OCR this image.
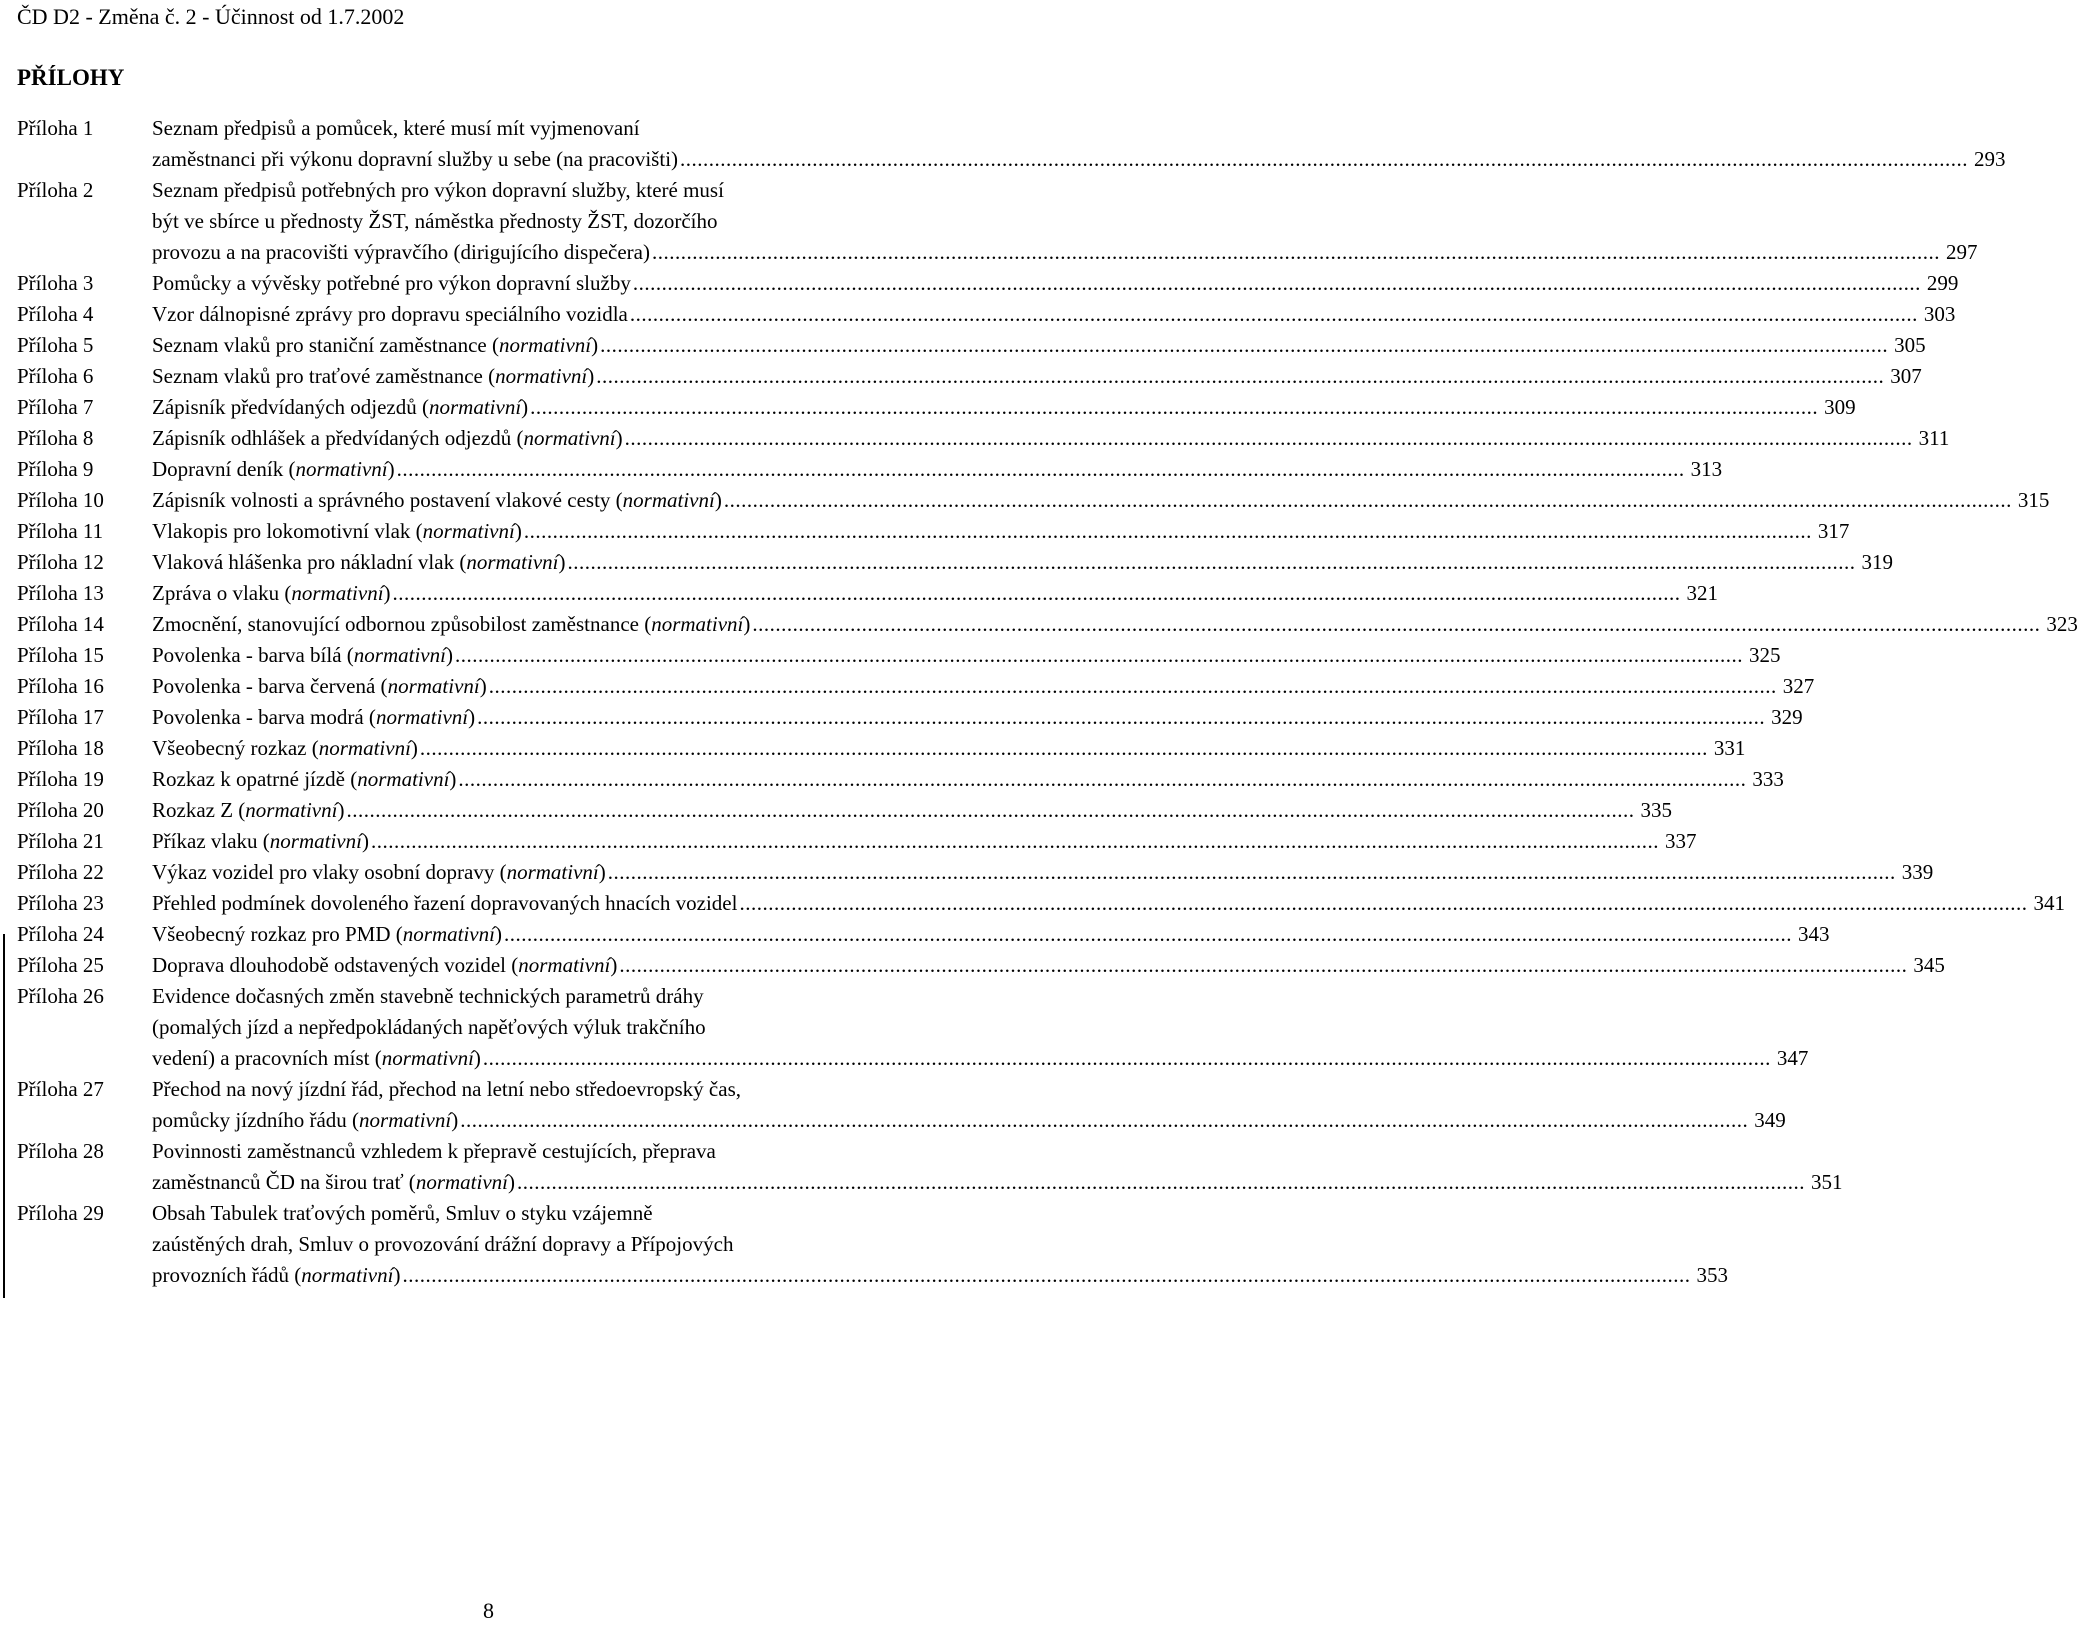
ČD D2 - Změna č. 2 - Účinnost od 1.7.2002
PŘÍLOHY
Příloha 1	Seznam předpisů a pomůcek, které musí mít vyjmenovaní
zaměstnanci při výkonu dopravní služby u sebe (na pracovišti) ................................................................................................................................................................................................................................ 293
Příloha 2	Seznam předpisů potřebných pro výkon dopravní služby, které musí
být ve sbírce u přednosty ŽST, náměstka přednosty ŽST, dozorčího
provozu a na pracovišti výpravčího (dirigujícího dispečera) ................................................................................................................................................................................................................................ 297
Příloha 3	Pomůcky a vývěsky potřebné pro výkon dopravní služby ................................................................................................................................................................................................................................ 299
Příloha 4	Vzor dálnopisné zprávy pro dopravu speciálního vozidla ................................................................................................................................................................................................................................ 303
Příloha 5	Seznam vlaků pro staniční zaměstnance (normativní) ................................................................................................................................................................................................................................ 305
Příloha 6	Seznam vlaků pro traťové zaměstnance (normativní) ................................................................................................................................................................................................................................ 307
Příloha 7	Zápisník předvídaných odjezdů (normativní) ................................................................................................................................................................................................................................ 309
Příloha 8	Zápisník odhlášek a předvídaných odjezdů (normativní) ................................................................................................................................................................................................................................ 311
Příloha 9	Dopravní deník (normativní) ................................................................................................................................................................................................................................ 313
Příloha 10 Zápisník volnosti a správného postavení vlakové cesty (normativní) ................................................................................................................................................................................................................................ 315
Příloha 11 Vlakopis pro lokomotivní vlak (normativní) ................................................................................................................................................................................................................................ 317
Příloha 12 Vlaková hlášenka pro nákladní vlak (normativní) ................................................................................................................................................................................................................................ 319
Příloha 13 Zpráva o vlaku (normativní) ................................................................................................................................................................................................................................ 321
Příloha 14 Zmocnění, stanovující odbornou způsobilost zaměstnance (normativní) ................................................................................................................................................................................................................................ 323
Příloha 15 Povolenka - barva bílá (normativní) ................................................................................................................................................................................................................................ 325
Příloha 16 Povolenka - barva červená (normativní) ................................................................................................................................................................................................................................ 327
Příloha 17 Povolenka - barva modrá (normativní) ................................................................................................................................................................................................................................ 329
Příloha 18 Všeobecný rozkaz (normativní) ................................................................................................................................................................................................................................ 331
Příloha 19 Rozkaz k opatrné jízdě (normativní) ................................................................................................................................................................................................................................ 333
Příloha 20 Rozkaz Z (normativní) ................................................................................................................................................................................................................................ 335
Příloha 21 Příkaz vlaku (normativní) ................................................................................................................................................................................................................................ 337
Příloha 22 Výkaz vozidel pro vlaky osobní dopravy (normativní) ................................................................................................................................................................................................................................ 339
Příloha 23 Přehled podmínek dovoleného řazení dopravovaných hnacích vozidel ................................................................................................................................................................................................................................ 341
Příloha 24 Všeobecný rozkaz pro PMD (normativní) ................................................................................................................................................................................................................................ 343
Příloha 25 Doprava dlouhodobě odstavených vozidel (normativní) ................................................................................................................................................................................................................................ 345
Příloha 26 Evidence dočasných změn stavebně technických parametrů dráhy
(pomalých jízd a nepředpokládaných napěťových výluk trakčního
vedení) a pracovních míst (normativní) ................................................................................................................................................................................................................................ 347
Příloha 27 Přechod na nový jízdní řád, přechod na letní nebo středoevropský čas,
pomůcky jízdního řádu (normativní) ................................................................................................................................................................................................................................ 349
Příloha 28 Povinnosti zaměstnanců vzhledem k přepravě cestujících, přeprava
zaměstnanců ČD na širou trať (normativní) ................................................................................................................................................................................................................................ 351
Příloha 29 Obsah Tabulek traťových poměrů, Smluv o styku vzájemně
zaústěných drah, Smluv o provozování drážní dopravy a Přípojových
provozních řádů (normativní) ................................................................................................................................................................................................................................ 353
8
